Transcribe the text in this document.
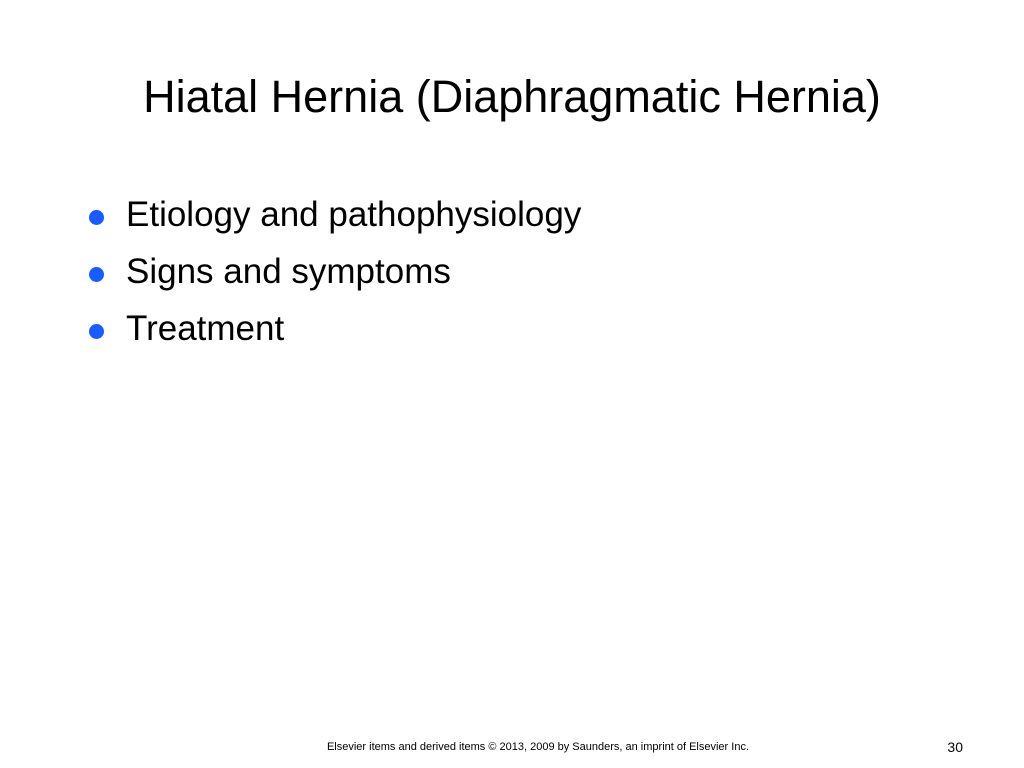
Hiatal Hernia (Diaphragmatic Hernia)
Etiology and pathophysiology
Signs and symptoms
Treatment
Elsevier items and derived items © 2013, 2009 by Saunders, an imprint of Elsevier Inc.	30
